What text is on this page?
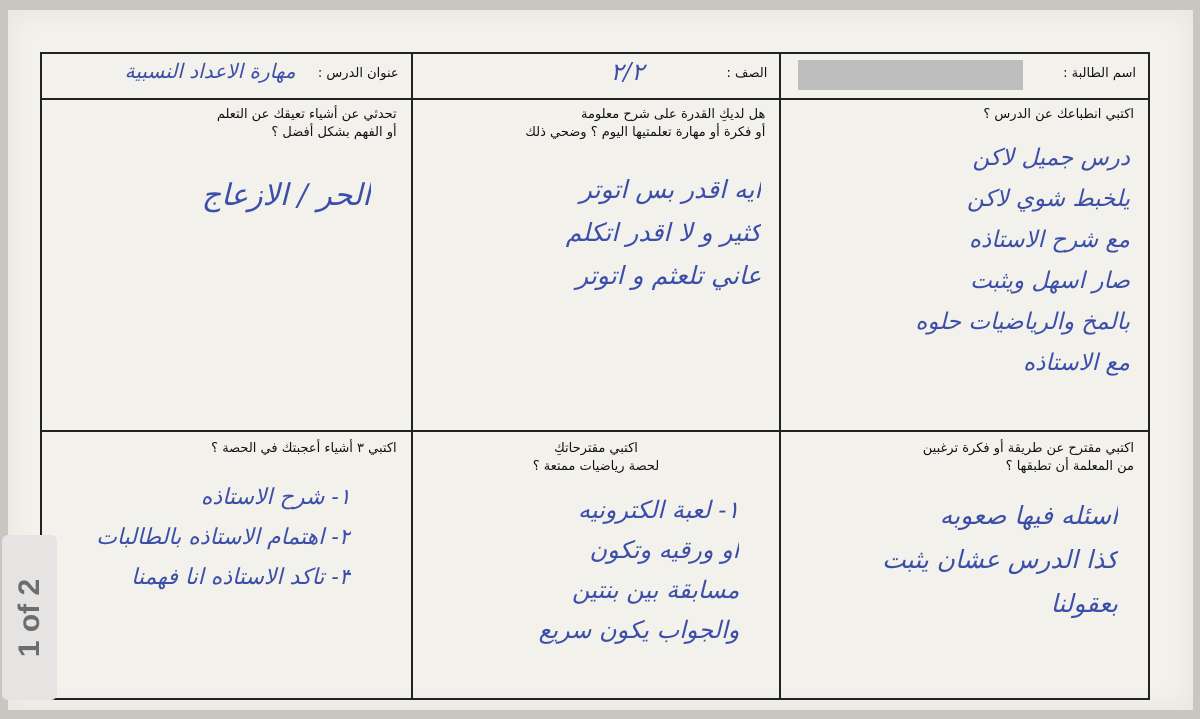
اسم الطالبة :
الصف :
٢/٢
عنوان الدرس :
مهارة الاعداد النسبية
اكتبي انطباعك عن الدرس ؟
درس جميل لاكن
يلخبط شوي لاكن
مع شرح الاستاذه
صار اسهل ويثبت
بالمخ والرياضيات حلوه
مع الاستاذه
هل لديكِ القدرة على شرح معلومة
أو فكرة أو مهارة تعلمتيها اليوم ؟ وضحي ذلك
ايه اقدر بس اتوتر
كثير و لا اقدر اتكلم
عاني تلعثم و اتوتر
تحدثي عن أشياء تعيقك عن التعلم
أو الفهم بشكل أفضل ؟
الحر / الازعاج
اكتبي مقترح عن طريقة أو فكرة ترغبين
من المعلمة أن تطبقها ؟
اسئله فيها صعوبه
كذا الدرس عشان يثبت
بعقولنا
اكتبي مقترحاتكِ
لحصة رياضيات ممتعة ؟
١- لعبة الكترونيه
او ورقيه وتكون
مسابقة بين بنتين
والجواب يكون سريع
اكتبي ٣ أشياء أعجبتك في الحصة ؟
١- شرح الاستاذه
٢- اهتمام الاستاذه بالطالبات
٣- تاكد الاستاذه انا فهمنا
1 of 2
